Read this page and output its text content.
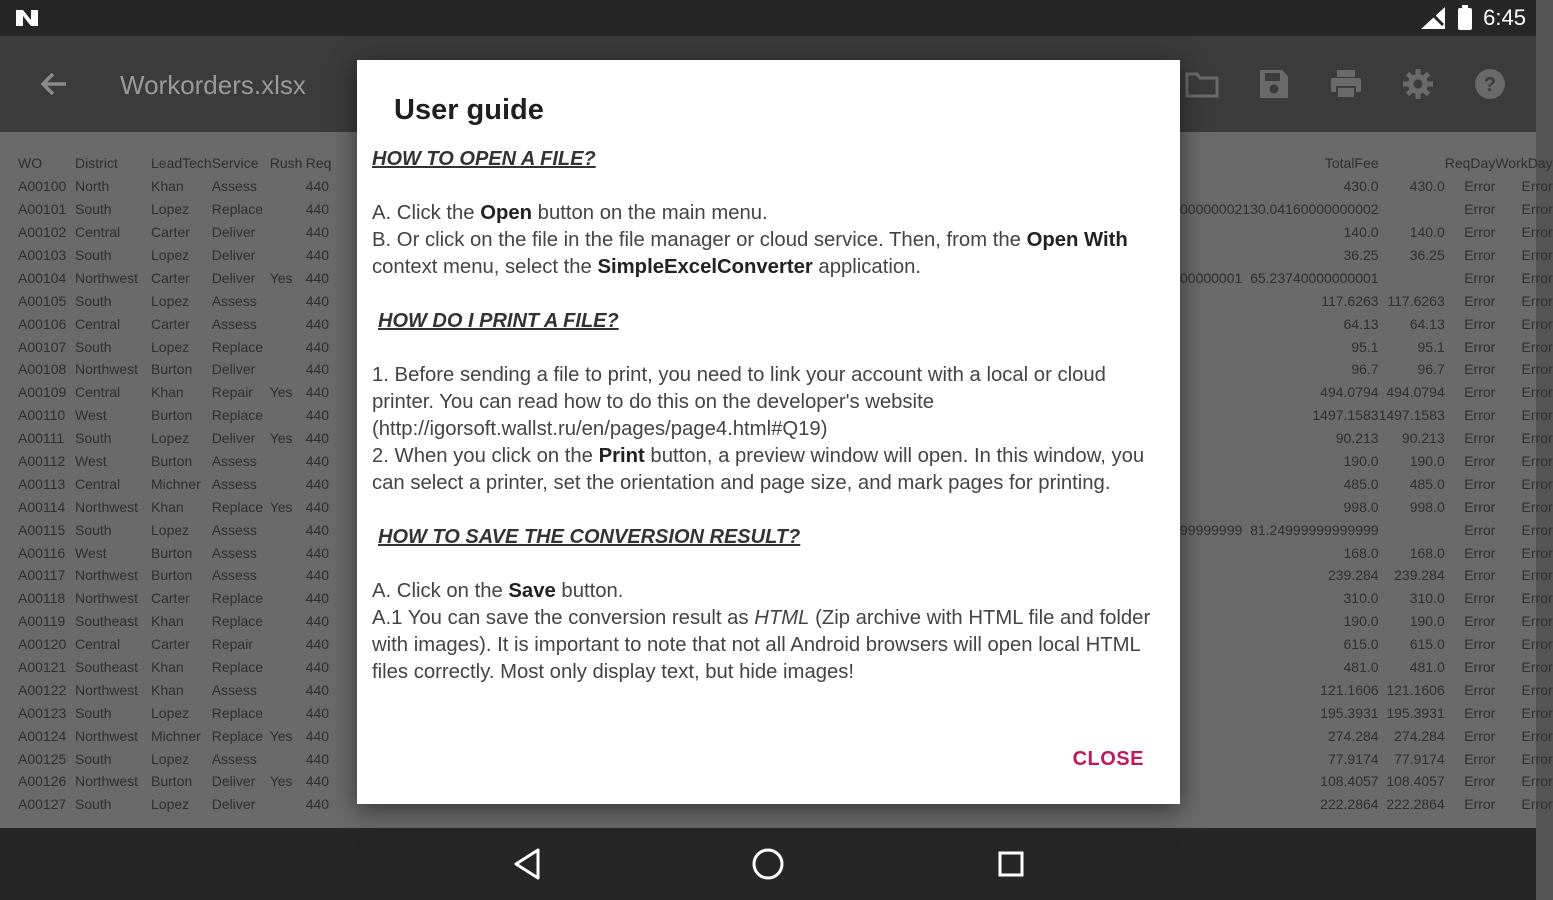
6:45
Workorders.xlsx	?
WO	District	LeadTech	Service	Rush	Req
A00100	North	Khan	Assess		440
A00101	South	Lopez	Replace		440
A00102	Central	Carter	Deliver		440
A00103	South	Lopez	Deliver		440
A00104	Northwest	Carter	Deliver	Yes	440
A00105	South	Lopez	Assess		440
A00106	Central	Carter	Assess		440
A00107	South	Lopez	Replace		440
A00108	Northwest	Burton	Deliver		440
A00109	Central	Khan	Repair	Yes	440
A00110	West	Burton	Replace		440
A00111	South	Lopez	Deliver	Yes	440
A00112	West	Burton	Assess		440
A00113	Central	Michner	Assess		440
A00114	Northwest	Khan	Replace	Yes	440
A00115	South	Lopez	Assess		440
A00116	West	Burton	Assess		440
A00117	Northwest	Burton	Assess		440
A00118	Northwest	Carter	Replace		440
A00119	Southeast	Khan	Replace		440
A00120	Central	Carter	Repair		440
A00121	Southeast	Khan	Replace		440
A00122	Northwest	Khan	Assess		440
A00123	South	Lopez	Replace		440
A00124	Northwest	Michner	Replace	Yes	440
A00125	South	Lopez	Assess		440
A00126	Northwest	Burton	Deliver	Yes	440
A00127	South	Lopez	Deliver		440
	TotalFee		ReqDay	WorkDay
	430.0	430.0	Error	Error
00000002	130.04160000000002		Error	Error
	140.0	140.0	Error	Error
	36.25	36.25	Error	Error
00000001	65.23740000000001		Error	Error
	117.6263	117.6263	Error	Error
	64.13	64.13	Error	Error
	95.1	95.1	Error	Error
	96.7	96.7	Error	Error
	494.0794	494.0794	Error	Error
	1497.1583	1497.1583	Error	Error
	90.213	90.213	Error	Error
	190.0	190.0	Error	Error
	485.0	485.0	Error	Error
	998.0	998.0	Error	Error
99999999	81.24999999999999		Error	Error
	168.0	168.0	Error	Error
	239.284	239.284	Error	Error
	310.0	310.0	Error	Error
	190.0	190.0	Error	Error
	615.0	615.0	Error	Error
	481.0	481.0	Error	Error
	121.1606	121.1606	Error	Error
	195.3931	195.3931	Error	Error
	274.284	274.284	Error	Error
	77.9174	77.9174	Error	Error
	108.4057	108.4057	Error	Error
	222.2864	222.2864	Error	Error
User guide

HOW TO OPEN A FILE?

A. Click the Open button on the main menu.

B. Or click on the file in the file manager or cloud service. Then, from the Open With context menu, select the SimpleExcelConverter application.

HOW DO I PRINT A FILE?

1. Before sending a file to print, you need to link your account with a local or cloud printer. You can read how to do this on the developer's website (http://igorsoft.wallst.ru/en/pages/page4.html#Q19)

2. When you click on the Print button, a preview window will open. In this window, you can select a printer, set the orientation and page size, and mark pages for printing.

HOW TO SAVE THE CONVERSION RESULT?

A. Click on the Save button.

A.1 You can save the conversion result as HTML (Zip archive with HTML file and folder with images). It is important to note that not all Android browsers will open local HTML files correctly. Most only display text, but hide images!

CLOSE
